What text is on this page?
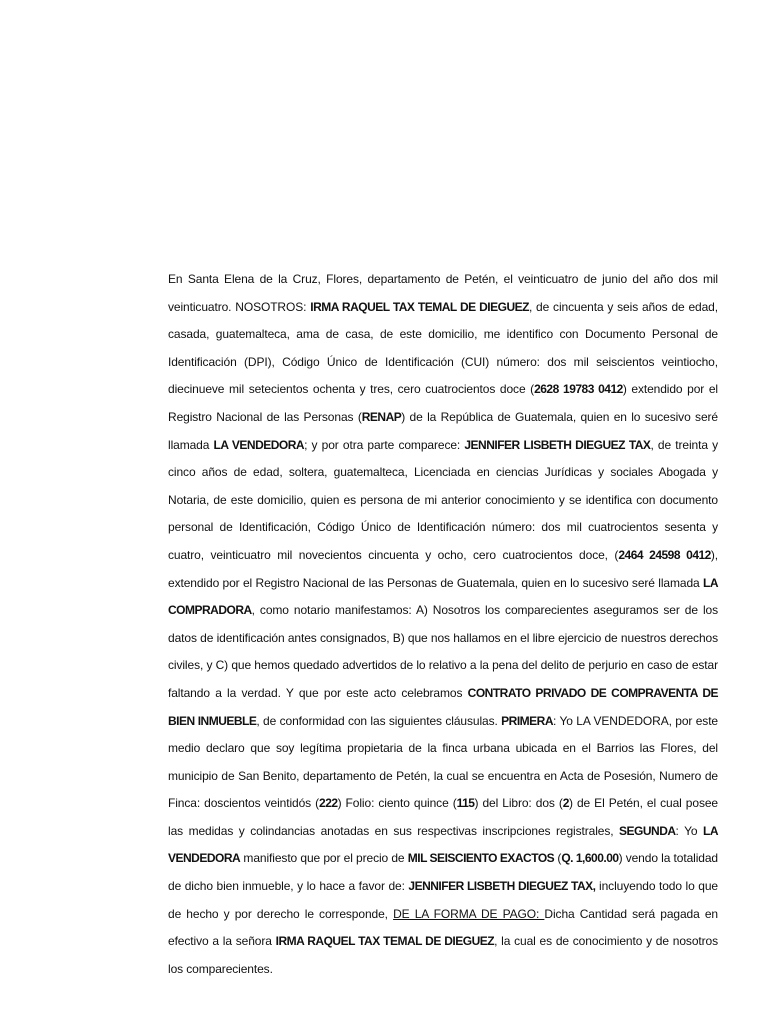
En Santa Elena de la Cruz, Flores, departamento de Petén, el veinticuatro de junio del año dos mil veinticuatro. NOSOTROS: IRMA RAQUEL TAX TEMAL DE DIEGUEZ, de cincuenta y seis años de edad, casada, guatemalteca, ama de casa, de este domicilio, me identifico con Documento Personal de Identificación (DPI), Código Único de Identificación (CUI) número: dos mil seiscientos veintiocho, diecinueve mil setecientos ochenta y tres, cero cuatrocientos doce (2628 19783 0412) extendido por el Registro Nacional de las Personas (RENAP) de la República de Guatemala, quien en lo sucesivo seré llamada LA VENDEDORA; y por otra parte comparece: JENNIFER LISBETH DIEGUEZ TAX, de treinta y cinco años de edad, soltera, guatemalteca, Licenciada en ciencias Jurídicas y sociales Abogada y Notaria, de este domicilio, quien es persona de mi anterior conocimiento y se identifica con documento personal de Identificación, Código Único de Identificación número: dos mil cuatrocientos sesenta y cuatro, veinticuatro mil novecientos cincuenta y ocho, cero cuatrocientos doce, (2464 24598 0412), extendido por el Registro Nacional de las Personas de Guatemala, quien en lo sucesivo seré llamada LA COMPRADORA, como notario manifestamos: A) Nosotros los comparecientes aseguramos ser de los datos de identificación antes consignados, B) que nos hallamos en el libre ejercicio de nuestros derechos civiles, y C) que hemos quedado advertidos de lo relativo a la pena del delito de perjurio en caso de estar faltando a la verdad. Y que por este acto celebramos CONTRATO PRIVADO DE COMPRAVENTA DE BIEN INMUEBLE, de conformidad con las siguientes cláusulas. PRIMERA: Yo LA VENDEDORA, por este medio declaro que soy legítima propietaria de la finca urbana ubicada en el Barrios las Flores, del municipio de San Benito, departamento de Petén, la cual se encuentra en Acta de Posesión, Numero de Finca: doscientos veintidós (222) Folio: ciento quince (115) del Libro: dos (2) de El Petén, el cual posee las medidas y colindancias anotadas en sus respectivas inscripciones registrales, SEGUNDA: Yo LA VENDEDORA manifiesto que por el precio de MIL SEISCIENTO EXACTOS (Q. 1,600.00) vendo la totalidad de dicho bien inmueble, y lo hace a favor de: JENNIFER LISBETH DIEGUEZ TAX, incluyendo todo lo que de hecho y por derecho le corresponde, DE LA FORMA DE PAGO: Dicha Cantidad será pagada en efectivo a la señora IRMA RAQUEL TAX TEMAL DE DIEGUEZ, la cual es de conocimiento y de nosotros los comparecientes.
